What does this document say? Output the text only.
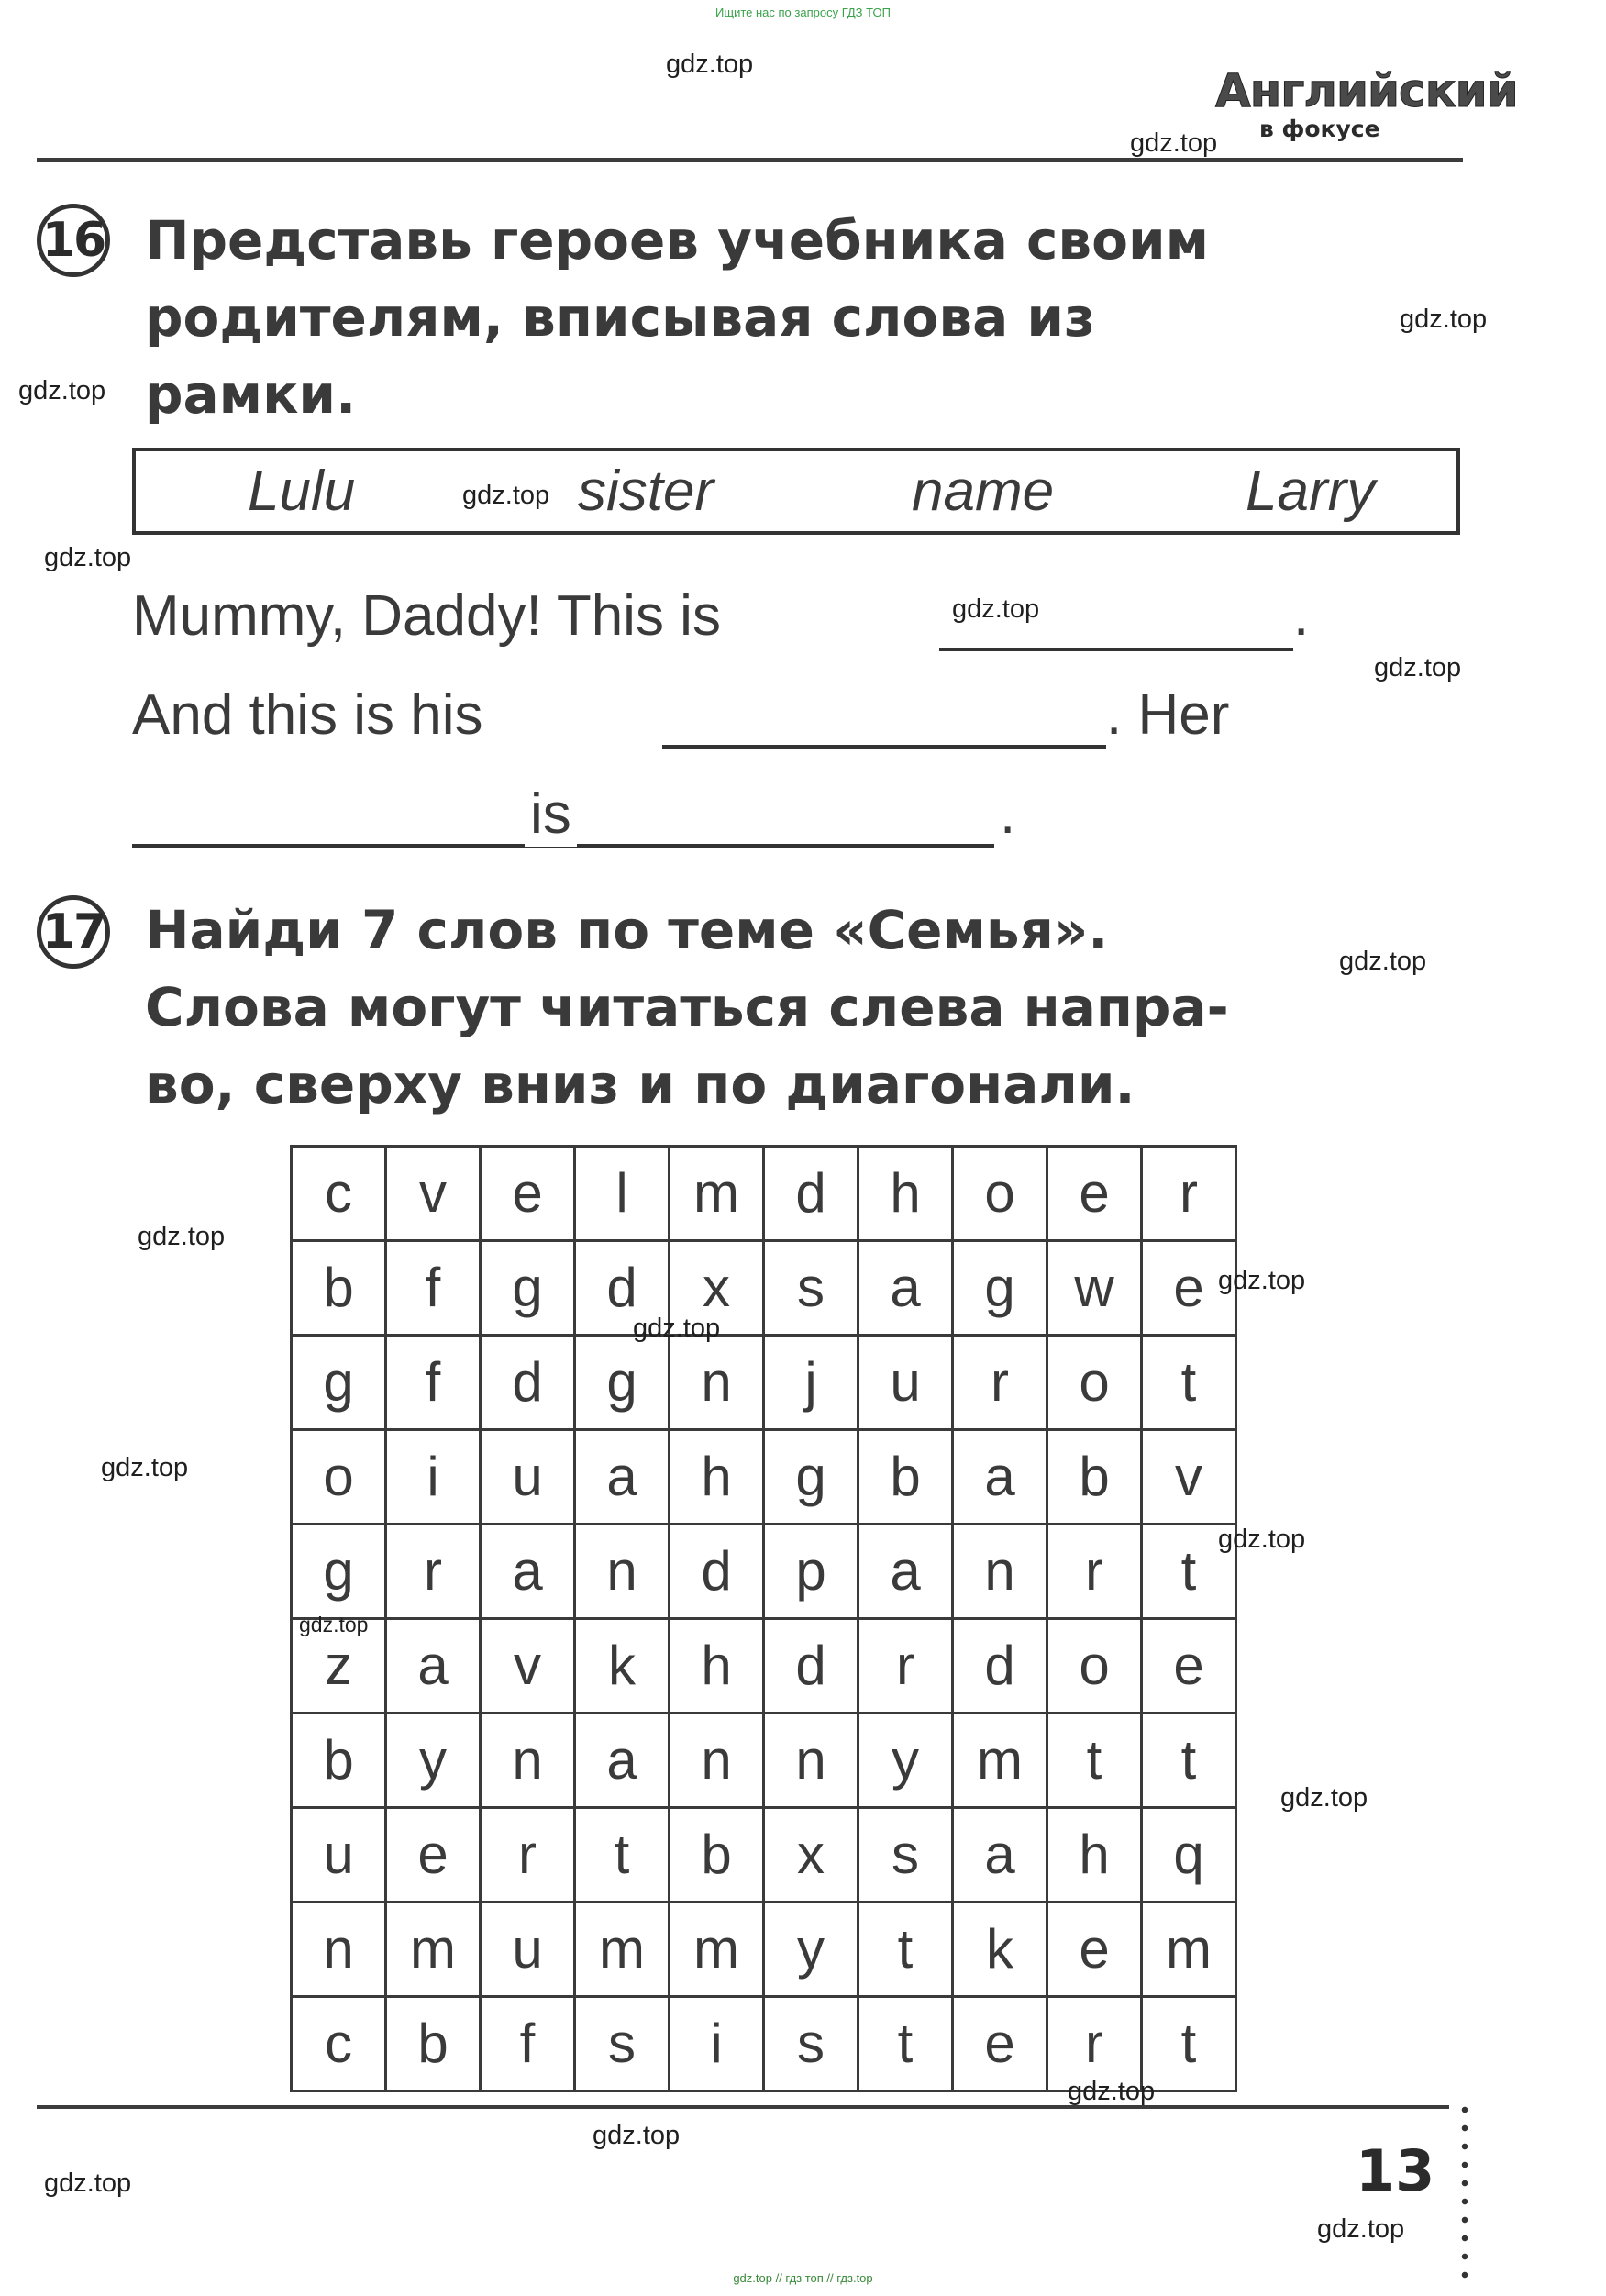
Ищите нас по запросу ГДЗ ТОП
Английский
в фокусе
16 Представь героев учебника своим
родителям, вписывая слова из
рамки.
Lulu	sister	name	Larry
Mummy, Daddy! This is	.
And this is his	. Her
is	.
17 Найди 7 слов по теме «Семья».
Слова могут читаться слева напра-
во, сверху вниз и по диагонали.
c	v	e	l	m	d	h	o	e	r
b	f	g	d	x	s	a	g	w	e
g	f	d	g	n	j	u	r	o	t
o	i	u	a	h	g	b	a	b	v
g	r	a	n	d	p	a	n	r	t
z	a	v	k	h	d	r	d	o	e
b	y	n	a	n	n	y	m	t	t
u	e	r	t	b	x	s	a	h	q
n	m	u	m	m	y	t	k	e	m
c	b	f	s	i	s	t	e	r	t
13
gdz.top // гдз топ // гдз.top
gdz.top
gdz.top
gdz.top
gdz.top
gdz.top
gdz.top
gdz.top
gdz.top
gdz.top
gdz.top
gdz.top
gdz.top
gdz.top
gdz.top
gdz.top
gdz.top
gdz.top
gdz.top
gdz.top
gdz.top
